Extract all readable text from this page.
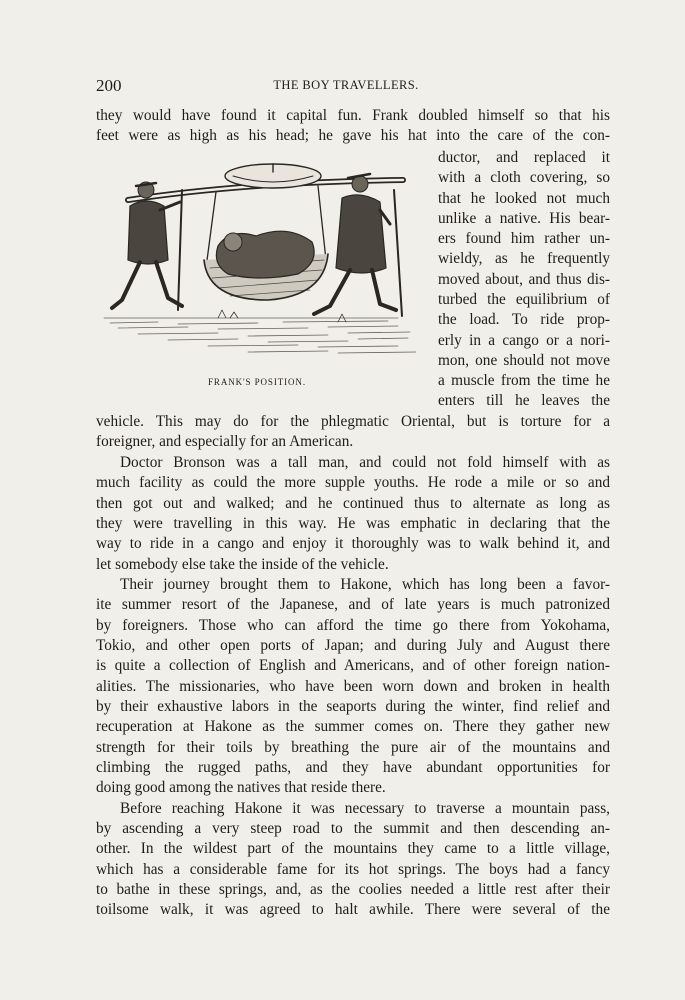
200	THE BOY TRAVELLERS.
FRANK'S POSITION.
they would have found it capital fun. Frank doubled himself so that his
feet were as high as his head; he gave his hat into the care of the con-
ductor, and replaced it
with a cloth covering, so
that he looked not much
unlike a native. His bear-
ers found him rather un-
wieldy, as he frequently
moved about, and thus dis-
turbed the equilibrium of
the load. To ride prop-
erly in a cango or a nori-
mon, one should not move
a muscle from the time he
enters till he leaves the
vehicle. This may do for the phlegmatic Oriental, but is torture for a
foreigner, and especially for an American.
Doctor Bronson was a tall man, and could not fold himself with as
much facility as could the more supple youths. He rode a mile or so and
then got out and walked; and he continued thus to alternate as long as
they were travelling in this way. He was emphatic in declaring that the
way to ride in a cango and enjoy it thoroughly was to walk behind it, and
let somebody else take the inside of the vehicle.
Their journey brought them to Hakone, which has long been a favor-
ite summer resort of the Japanese, and of late years is much patronized
by foreigners. Those who can afford the time go there from Yokohama,
Tokio, and other open ports of Japan; and during July and August there
is quite a collection of English and Americans, and of other foreign nation-
alities. The missionaries, who have been worn down and broken in health
by their exhaustive labors in the seaports during the winter, find relief and
recuperation at Hakone as the summer comes on. There they gather new
strength for their toils by breathing the pure air of the mountains and
climbing the rugged paths, and they have abundant opportunities for
doing good among the natives that reside there.
Before reaching Hakone it was necessary to traverse a mountain pass,
by ascending a very steep road to the summit and then descending an-
other. In the wildest part of the mountains they came to a little village,
which has a considerable fame for its hot springs. The boys had a fancy
to bathe in these springs, and, as the coolies needed a little rest after their
toilsome walk, it was agreed to halt awhile. There were several of the
